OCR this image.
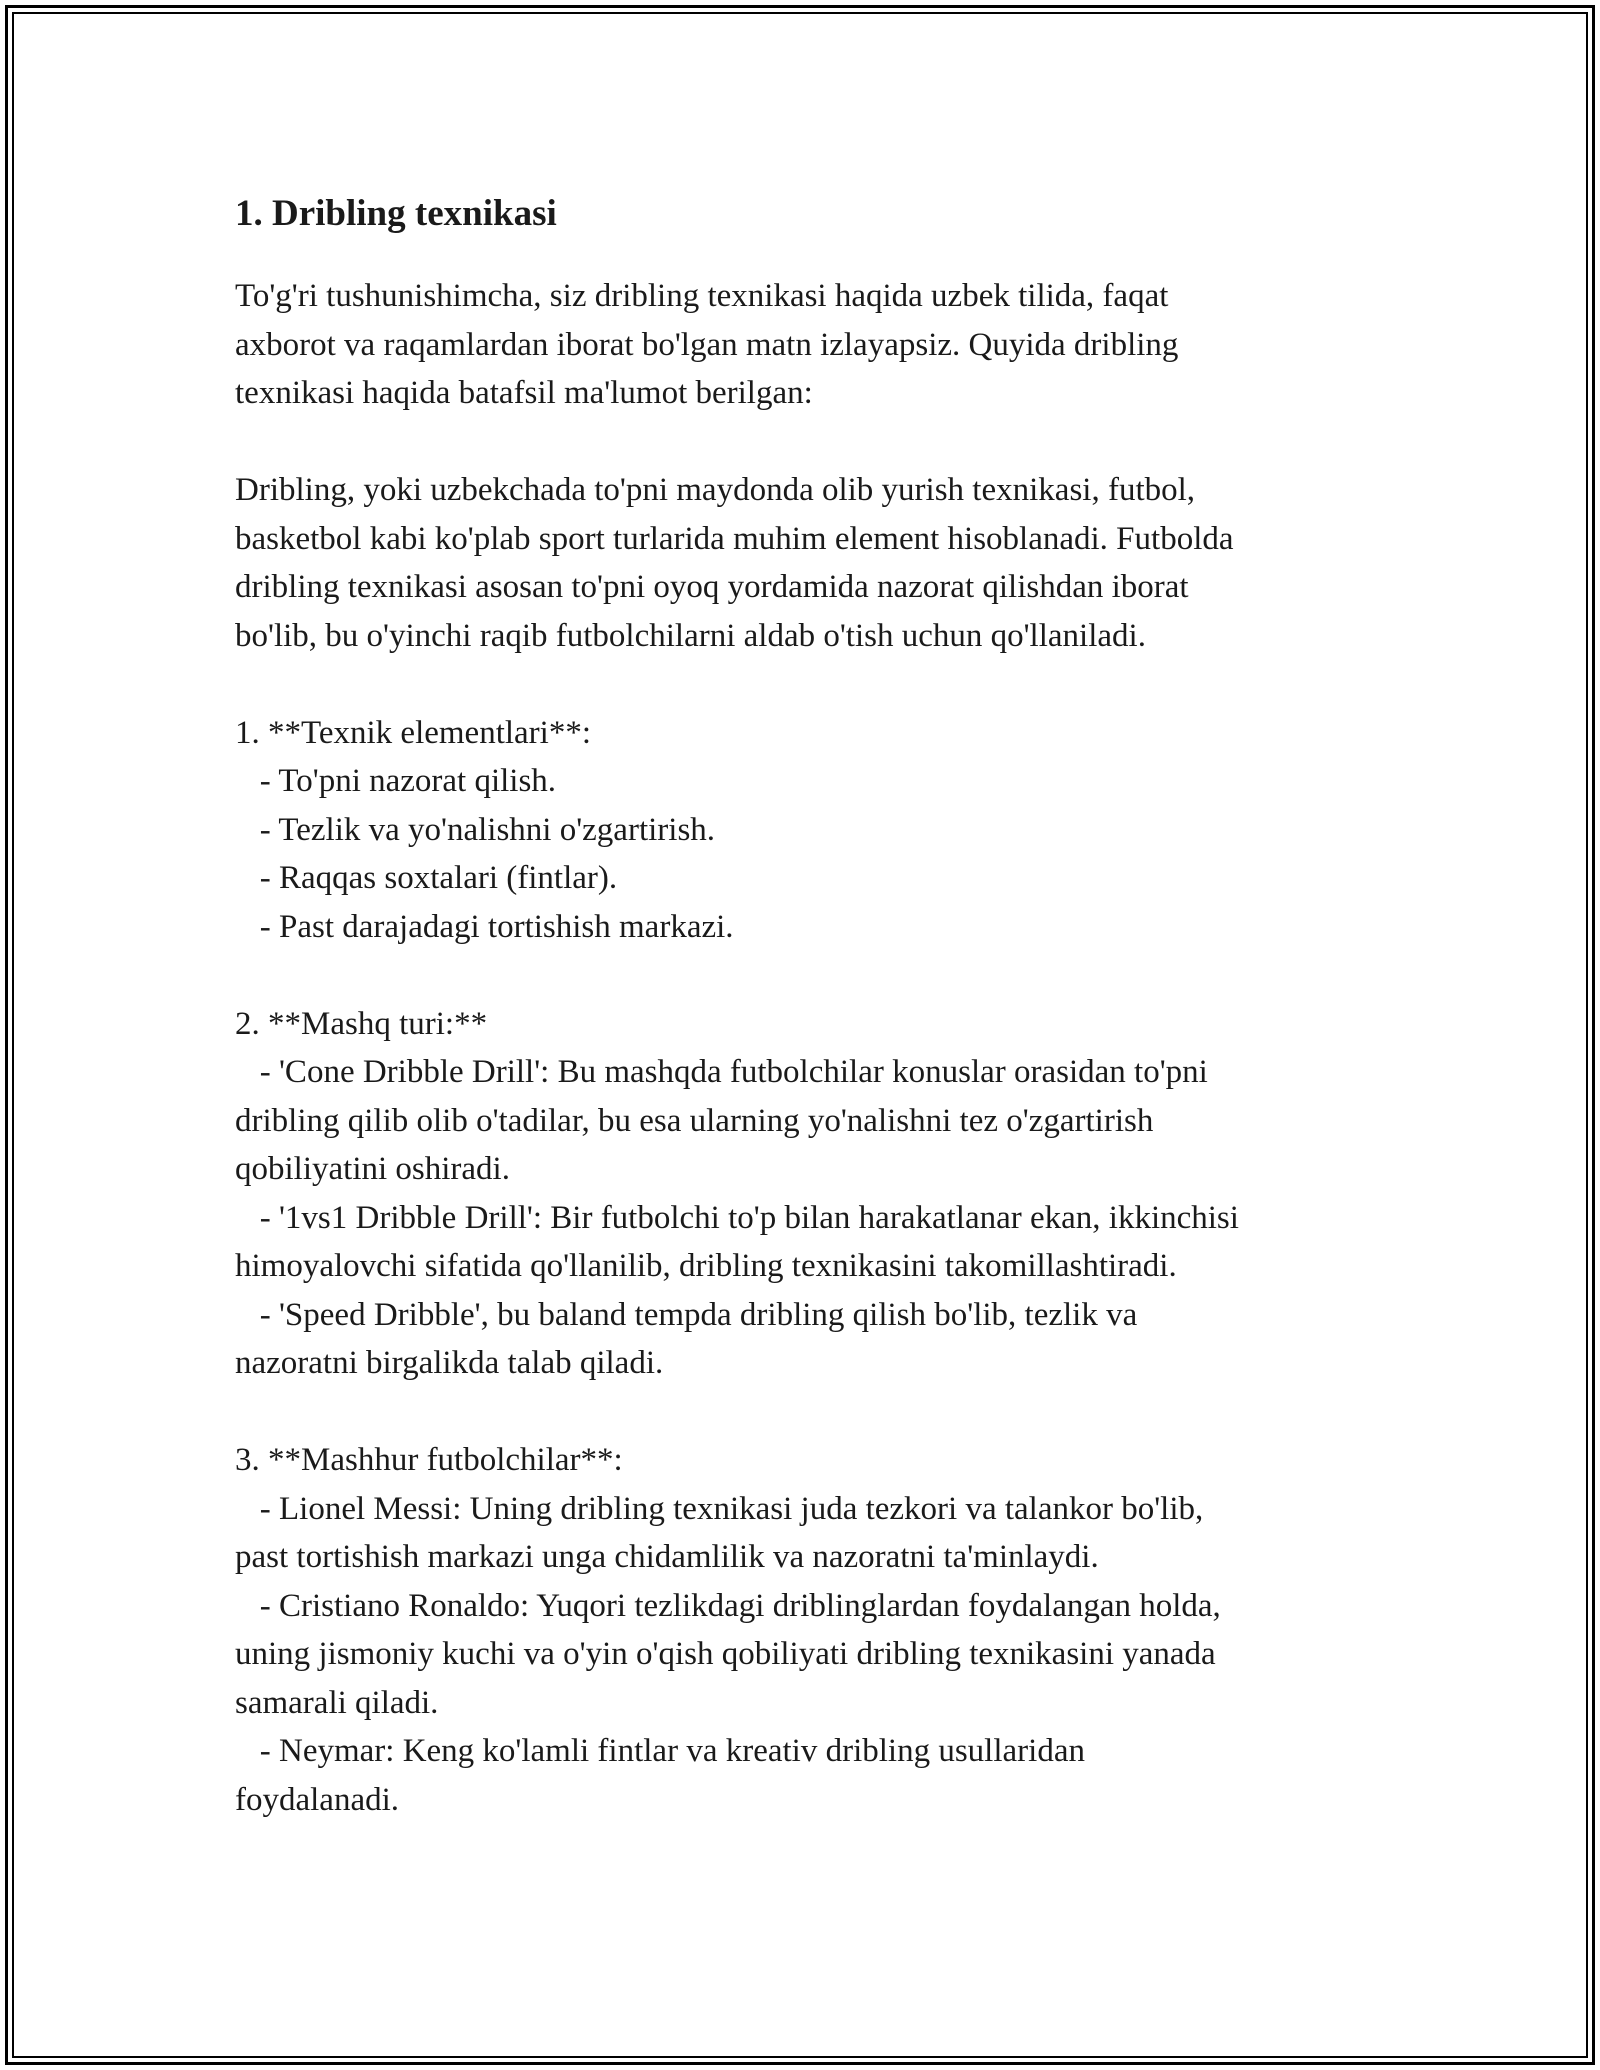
1. Dribling texnikasi
To'g'ri tushunishimcha, siz dribling texnikasi haqida uzbek tilida, faqat
axborot va raqamlardan iborat bo'lgan matn izlayapsiz. Quyida dribling
texnikasi haqida batafsil ma'lumot berilgan:

Dribling, yoki uzbekchada to'pni maydonda olib yurish texnikasi, futbol,
basketbol kabi ko'plab sport turlarida muhim element hisoblanadi. Futbolda
dribling texnikasi asosan to'pni oyoq yordamida nazorat qilishdan iborat
bo'lib, bu o'yinchi raqib futbolchilarni aldab o'tish uchun qo'llaniladi.

1. **Texnik elementlari**:
- To'pni nazorat qilish.
- Tezlik va yo'nalishni o'zgartirish.
- Raqqas soxtalari (fintlar).
- Past darajadagi tortishish markazi.

2. **Mashq turi:**
- 'Cone Dribble Drill': Bu mashqda futbolchilar konuslar orasidan to'pni
dribling qilib olib o'tadilar, bu esa ularning yo'nalishni tez o'zgartirish
qobiliyatini oshiradi.
- '1vs1 Dribble Drill': Bir futbolchi to'p bilan harakatlanar ekan, ikkinchisi
himoyalovchi sifatida qo'llanilib, dribling texnikasini takomillashtiradi.
- 'Speed Dribble', bu baland tempda dribling qilish bo'lib, tezlik va
nazoratni birgalikda talab qiladi.

3. **Mashhur futbolchilar**:
- Lionel Messi: Uning dribling texnikasi juda tezkori va talankor bo'lib,
past tortishish markazi unga chidamlilik va nazoratni ta'minlaydi.
- Cristiano Ronaldo: Yuqori tezlikdagi driblinglardan foydalangan holda,
uning jismoniy kuchi va o'yin o'qish qobiliyati dribling texnikasini yanada
samarali qiladi.
- Neymar: Keng ko'lamli fintlar va kreativ dribling usullaridan
foydalanadi.
